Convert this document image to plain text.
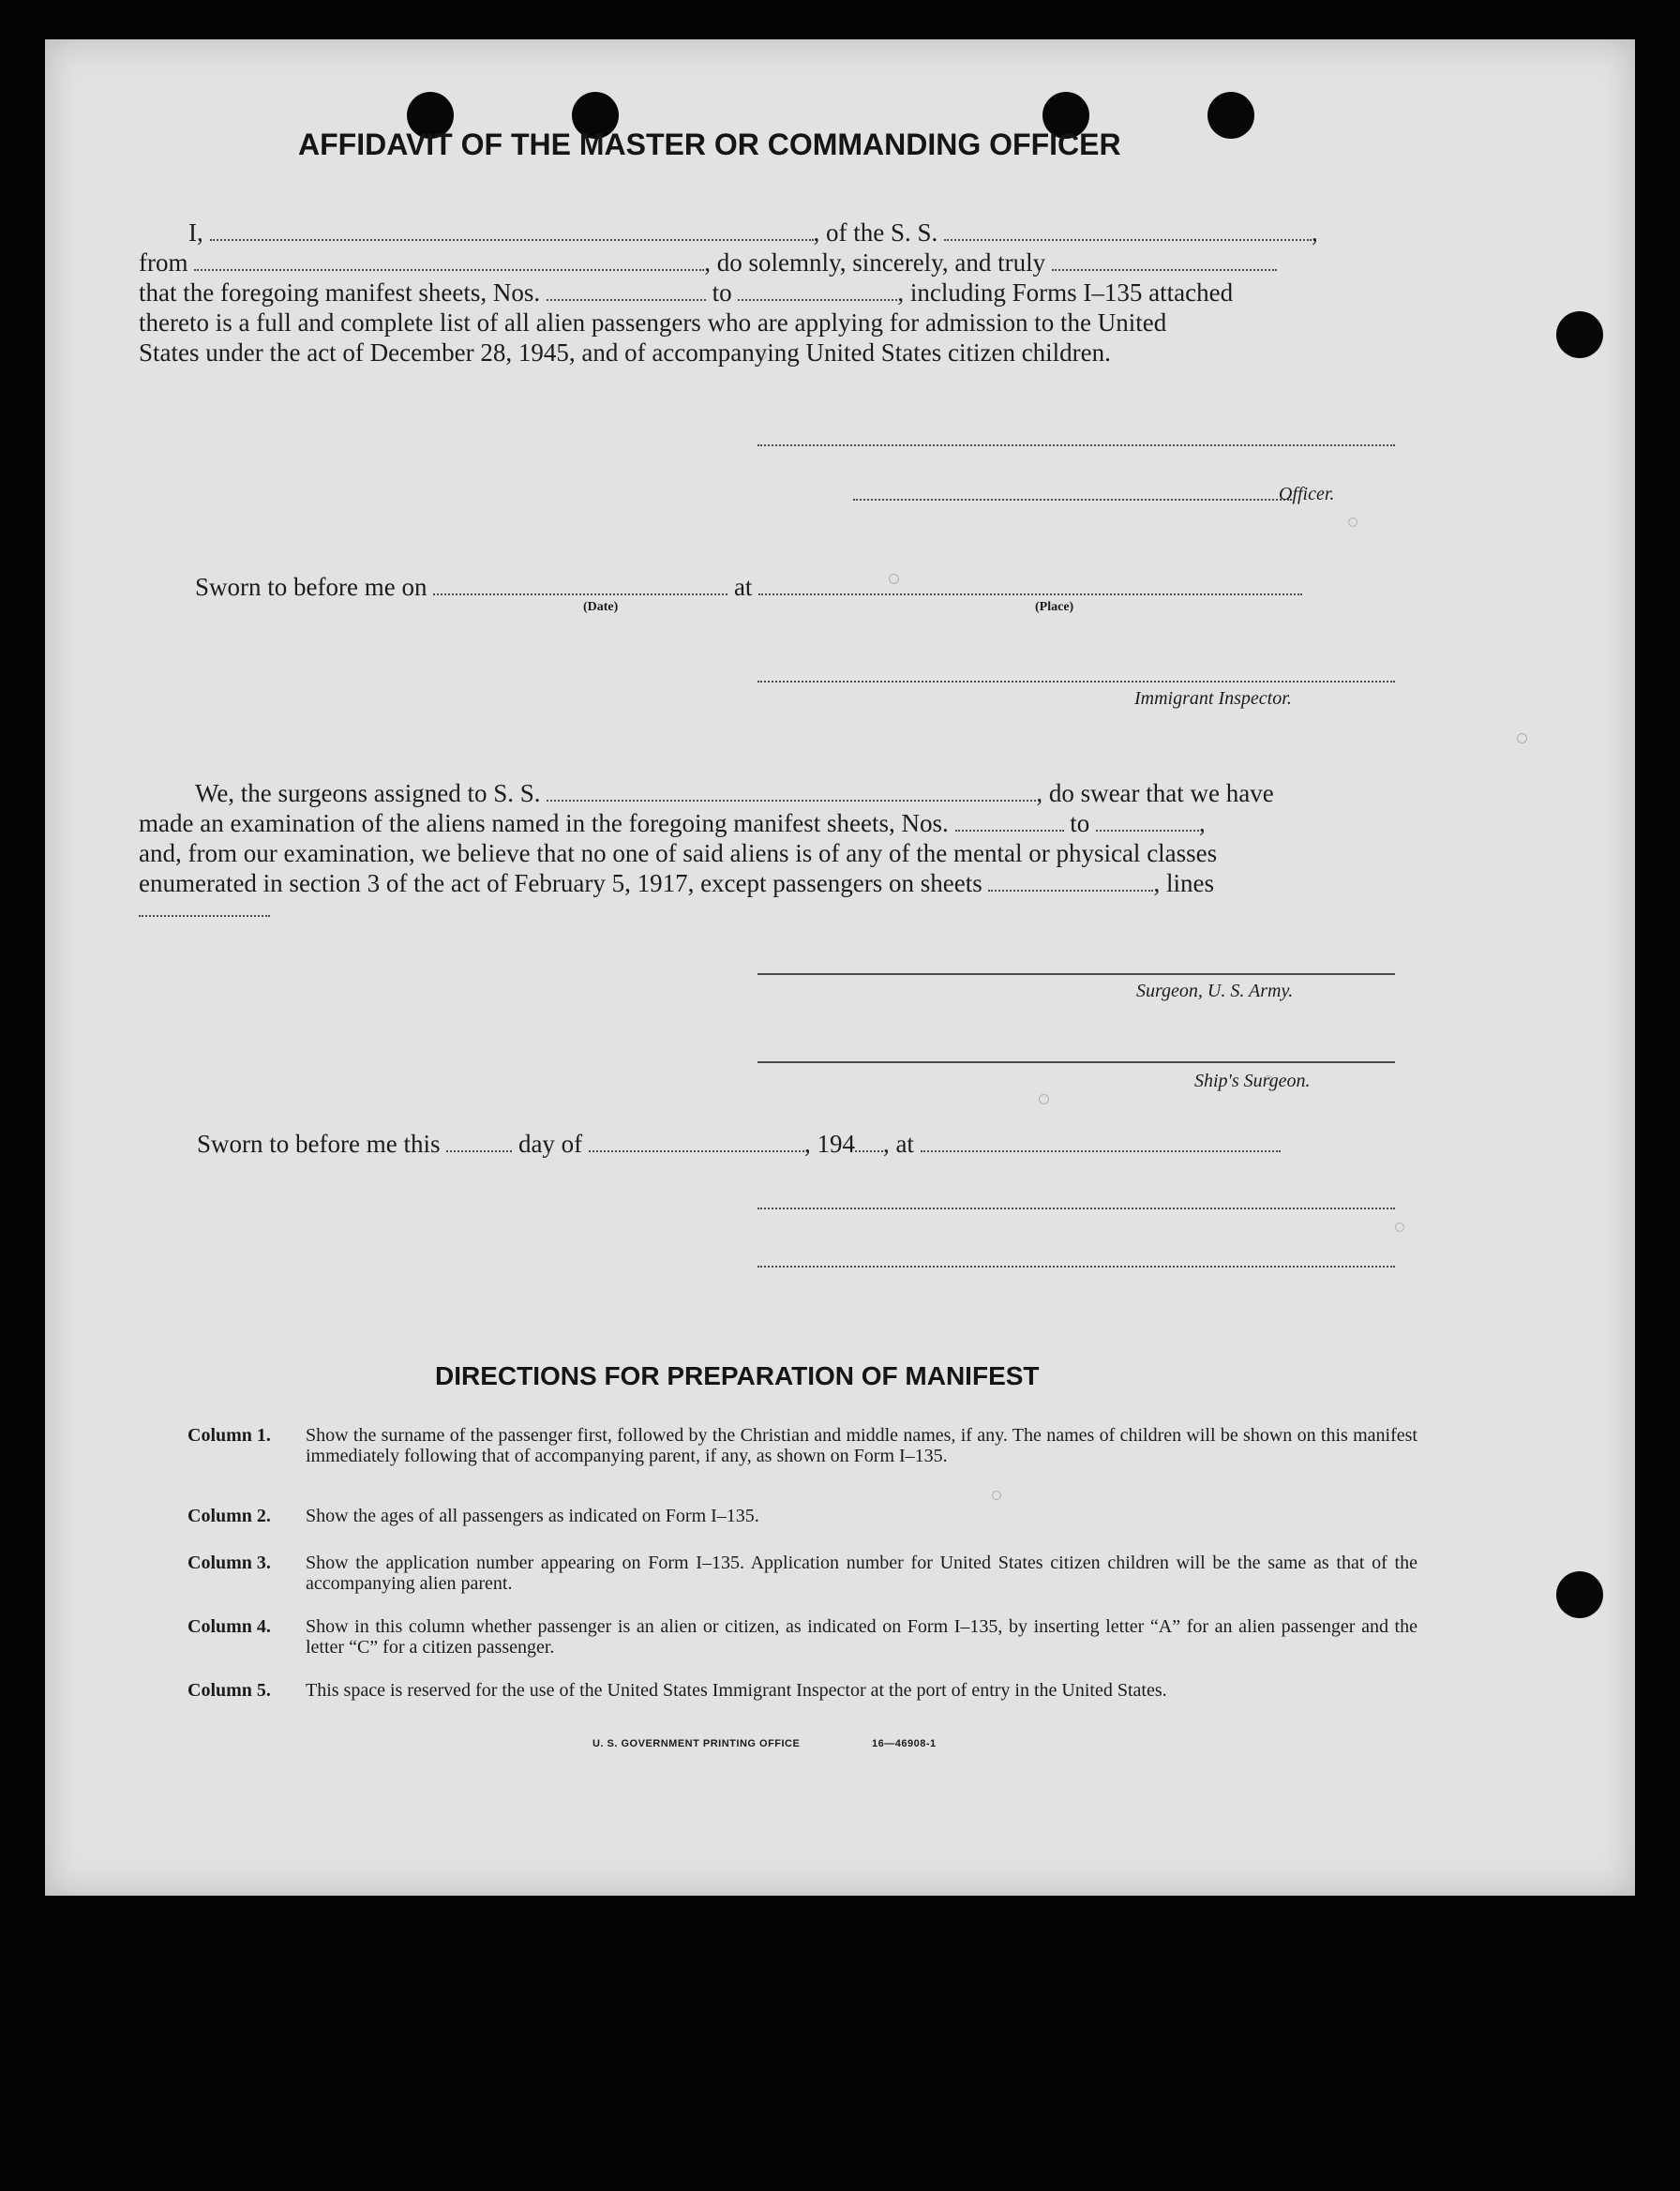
AFFIDAVIT OF THE MASTER OR COMMANDING OFFICER
I,	, of the S. S.	,
from	, do solemnly, sincerely, and truly
that the foregoing manifest sheets, Nos.	to	, including Forms I–135 attached
thereto is a full and complete list of all alien passengers who are applying for admission to the United
States under the act of December 28, 1945, and of accompanying United States citizen children.
Officer.
Sworn to before me on	at
(Date)	(Place)
Immigrant Inspector.
We, the surgeons assigned to S. S.	, do swear that we have
made an examination of the aliens named in the foregoing manifest sheets, Nos.	to	,
and, from our examination, we believe that no one of said aliens is of any of the mental or physical classes
enumerated in section 3 of the act of February 5, 1917, except passengers on sheets	, lines
Surgeon, U. S. Army.
Ship's Surgeon.
Sworn to before me this	day of	, 194 , at
DIRECTIONS FOR PREPARATION OF MANIFEST
Column 1.	Show the surname of the passenger first, followed by the Christian and middle names, if any. The names of children will be shown on this manifest immediately following that of accompanying parent, if any, as shown on Form I–135.
Column 2.	Show the ages of all passengers as indicated on Form I–135.
Column 3.	Show the application number appearing on Form I–135. Application number for United States citizen children will be the same as that of the accompanying alien parent.
Column 4.	Show in this column whether passenger is an alien or citizen, as indicated on Form I–135, by inserting letter “A” for an alien passenger and the letter “C” for a citizen passenger.
Column 5.	This space is reserved for the use of the United States Immigrant Inspector at the port of entry in the United States.
U. S. GOVERNMENT PRINTING OFFICE	16—46908-1
